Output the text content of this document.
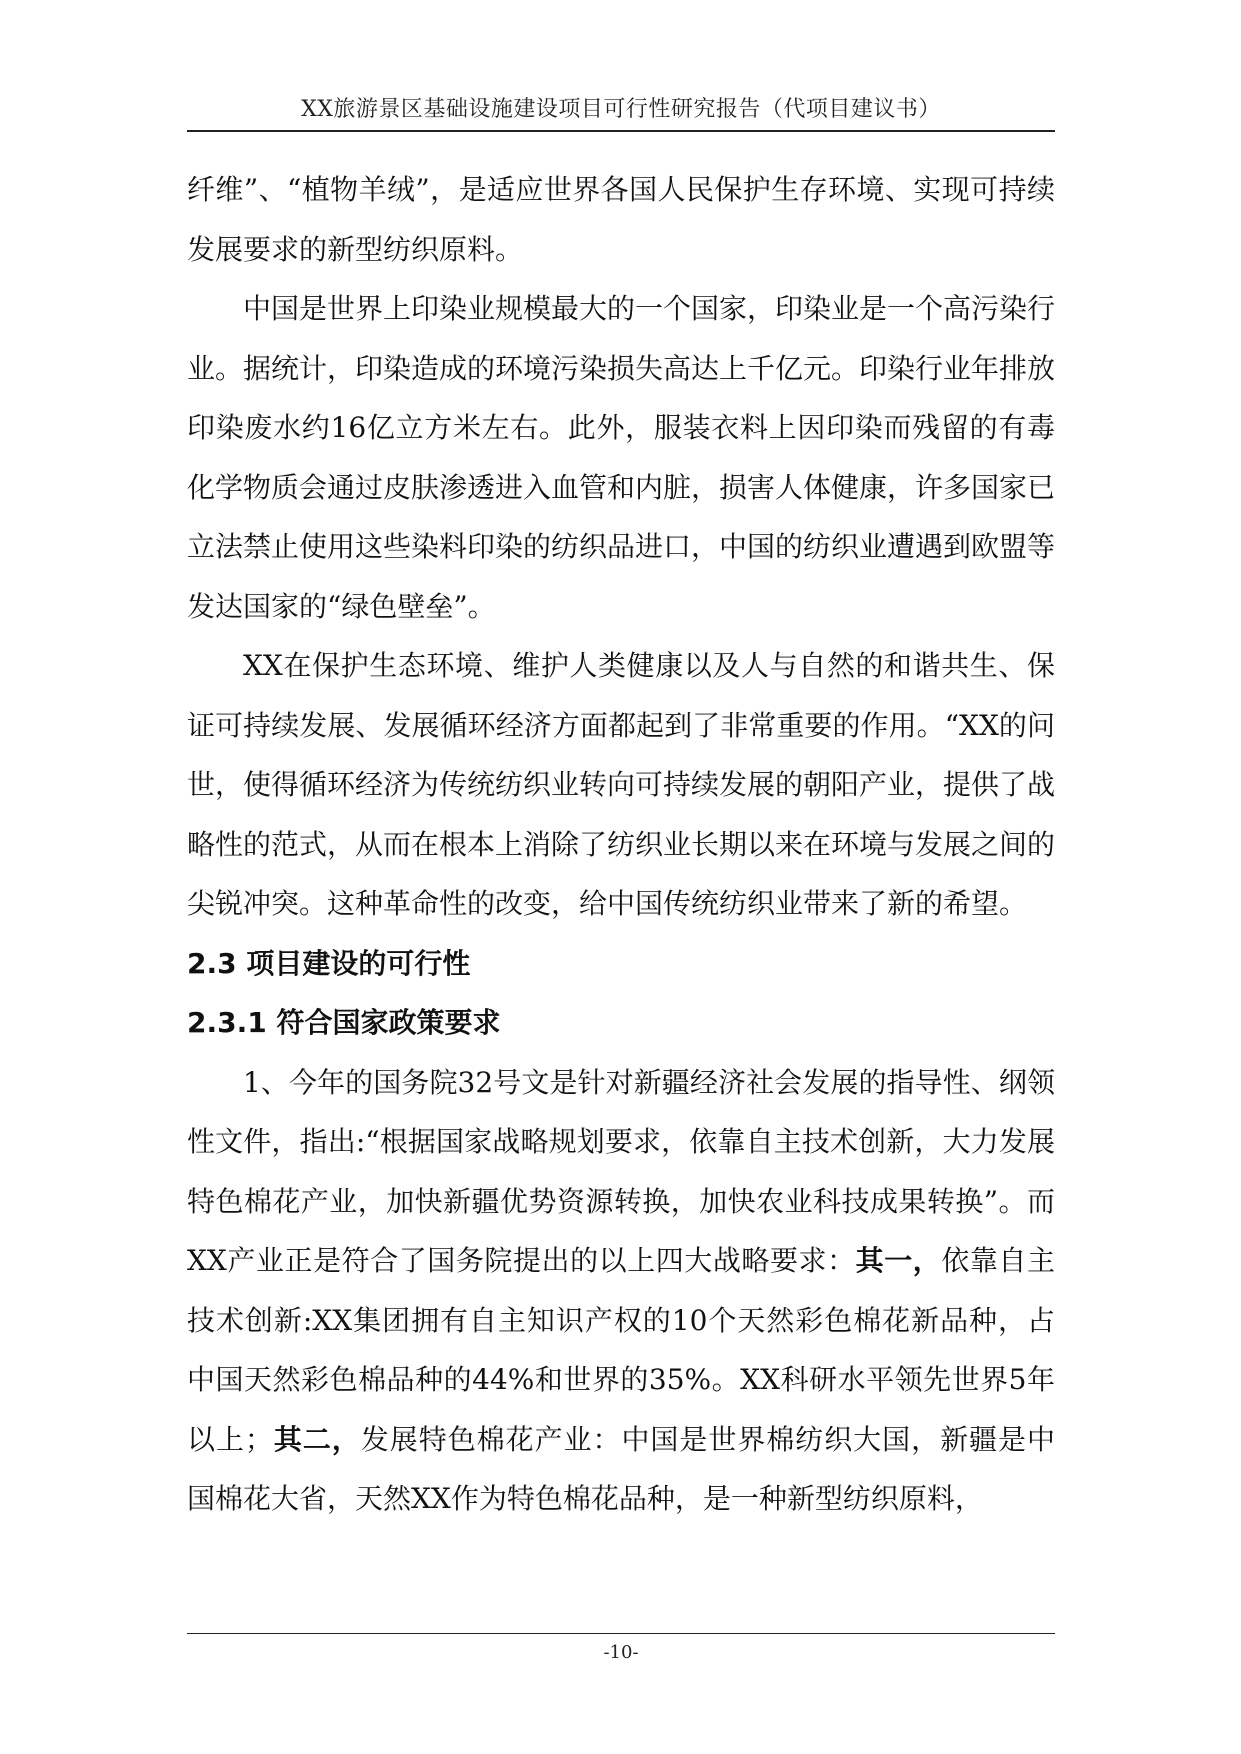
XX旅游景区基础设施建设项目可行性研究报告（代项目建议书）

纤维”、“植物羊绒”，是适应世界各国人民保护生存环境、实现可持续发展要求的新型纺织原料。

中国是世界上印染业规模最大的一个国家，印染业是一个高污染行业。据统计，印染造成的环境污染损失高达上千亿元。印染行业年排放印染废水约16亿立方米左右。此外，服装衣料上因印染而残留的有毒化学物质会通过皮肤渗透进入血管和内脏，损害人体健康，许多国家已立法禁止使用这些染料印染的纺织品进口，中国的纺织业遭遇到欧盟等发达国家的“绿色壁垒”。

XX在保护生态环境、维护人类健康以及人与自然的和谐共生、保证可持续发展、发展循环经济方面都起到了非常重要的作用。“XX的问世，使得循环经济为传统纺织业转向可持续发展的朝阳产业，提供了战略性的范式，从而在根本上消除了纺织业长期以来在环境与发展之间的尖锐冲突。这种革命性的改变，给中国传统纺织业带来了新的希望。

2.3 项目建设的可行性

2.3.1 符合国家政策要求

1、今年的国务院32号文是针对新疆经济社会发展的指导性、纲领性文件，指出:“根据国家战略规划要求，依靠自主技术创新，大力发展特色棉花产业，加快新疆优势资源转换，加快农业科技成果转换”。而XX产业正是符合了国务院提出的以上四大战略要求：其一，依靠自主技术创新:XX集团拥有自主知识产权的10个天然彩色棉花新品种，占中国天然彩色棉品种的44%和世界的35%。XX科研水平领先世界5年以上；其二，发展特色棉花产业：中国是世界棉纺织大国，新疆是中国棉花大省，天然XX作为特色棉花品种，是一种新型纺织原料，

-10-
